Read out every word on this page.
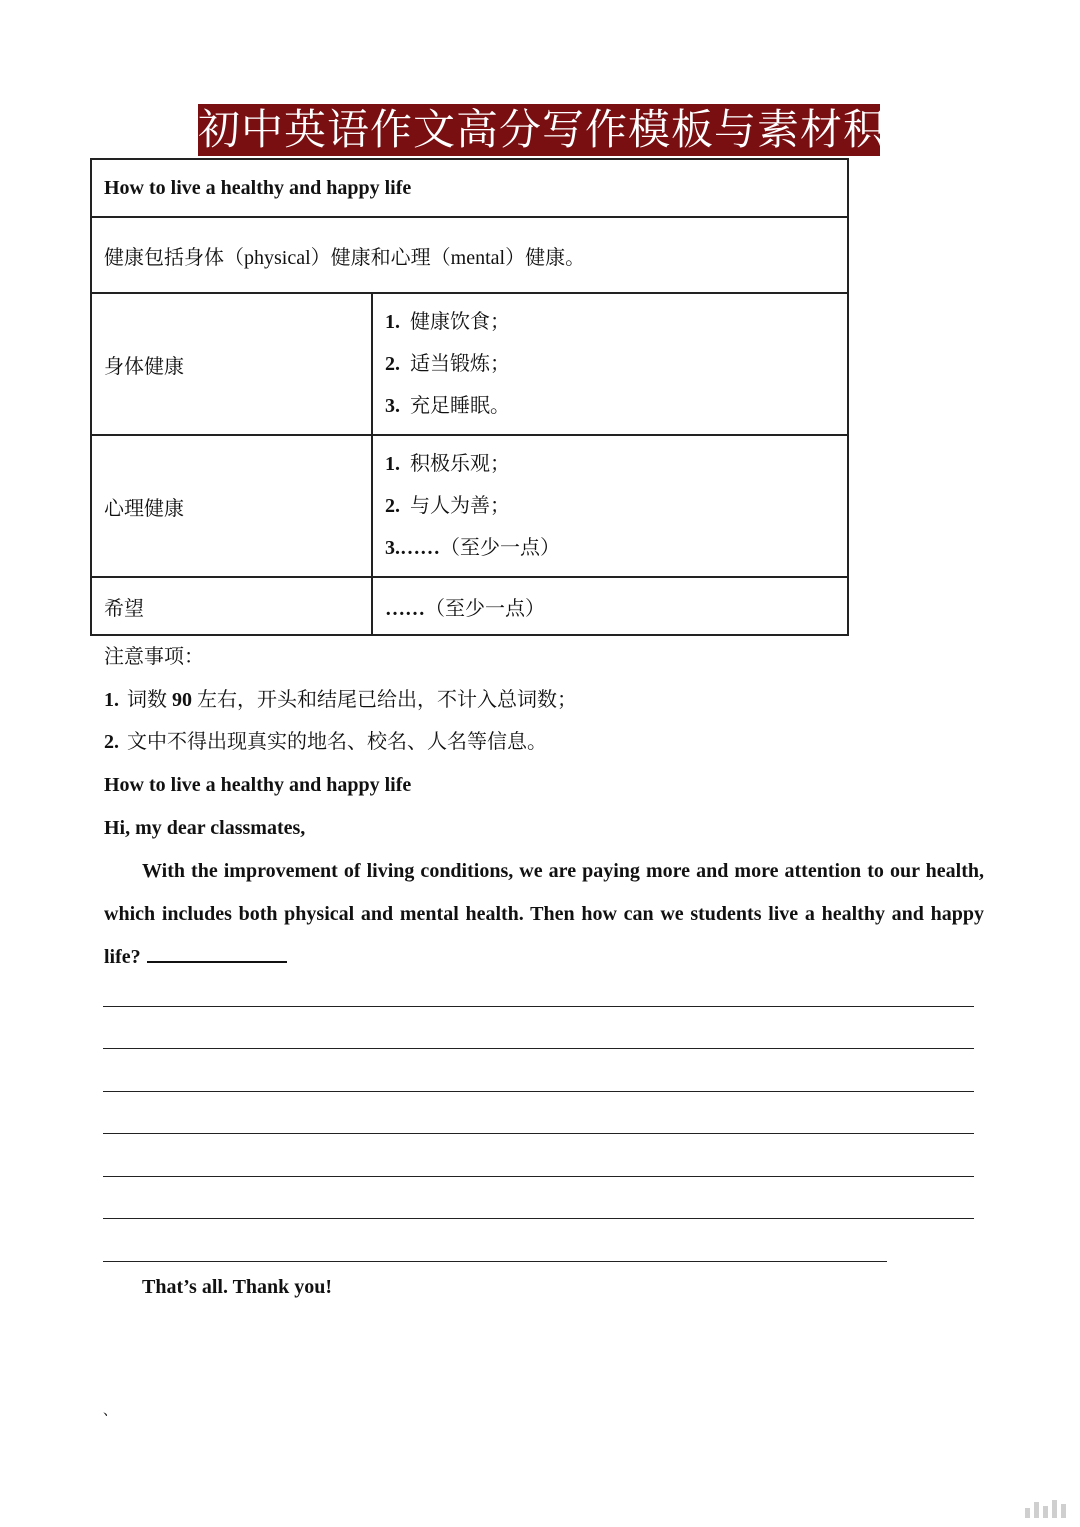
初中英语作文高分写作模板与素材积累
How to live a healthy and happy life	
健康包括身体（physical）健康和心理（mental）健康。	
身体健康	1. 健康饮食；
2. 适当锻炼；
3. 充足睡眠。

心理健康	1. 积极乐观；
2. 与人为善；
3.……（至少一点）

希望	……（至少一点）

注意事项：

1. 词数 90 左右，开头和结尾已给出，不计入总词数；

2. 文中不得出现真实的地名、校名、人名等信息。

How to live a healthy and happy life

Hi, my dear classmates,

With the improvement of living conditions, we are paying more and more attention to our health, which includes both physical and mental health. Then how can we students live a healthy and happy life?

That’s all. Thank you!
、
